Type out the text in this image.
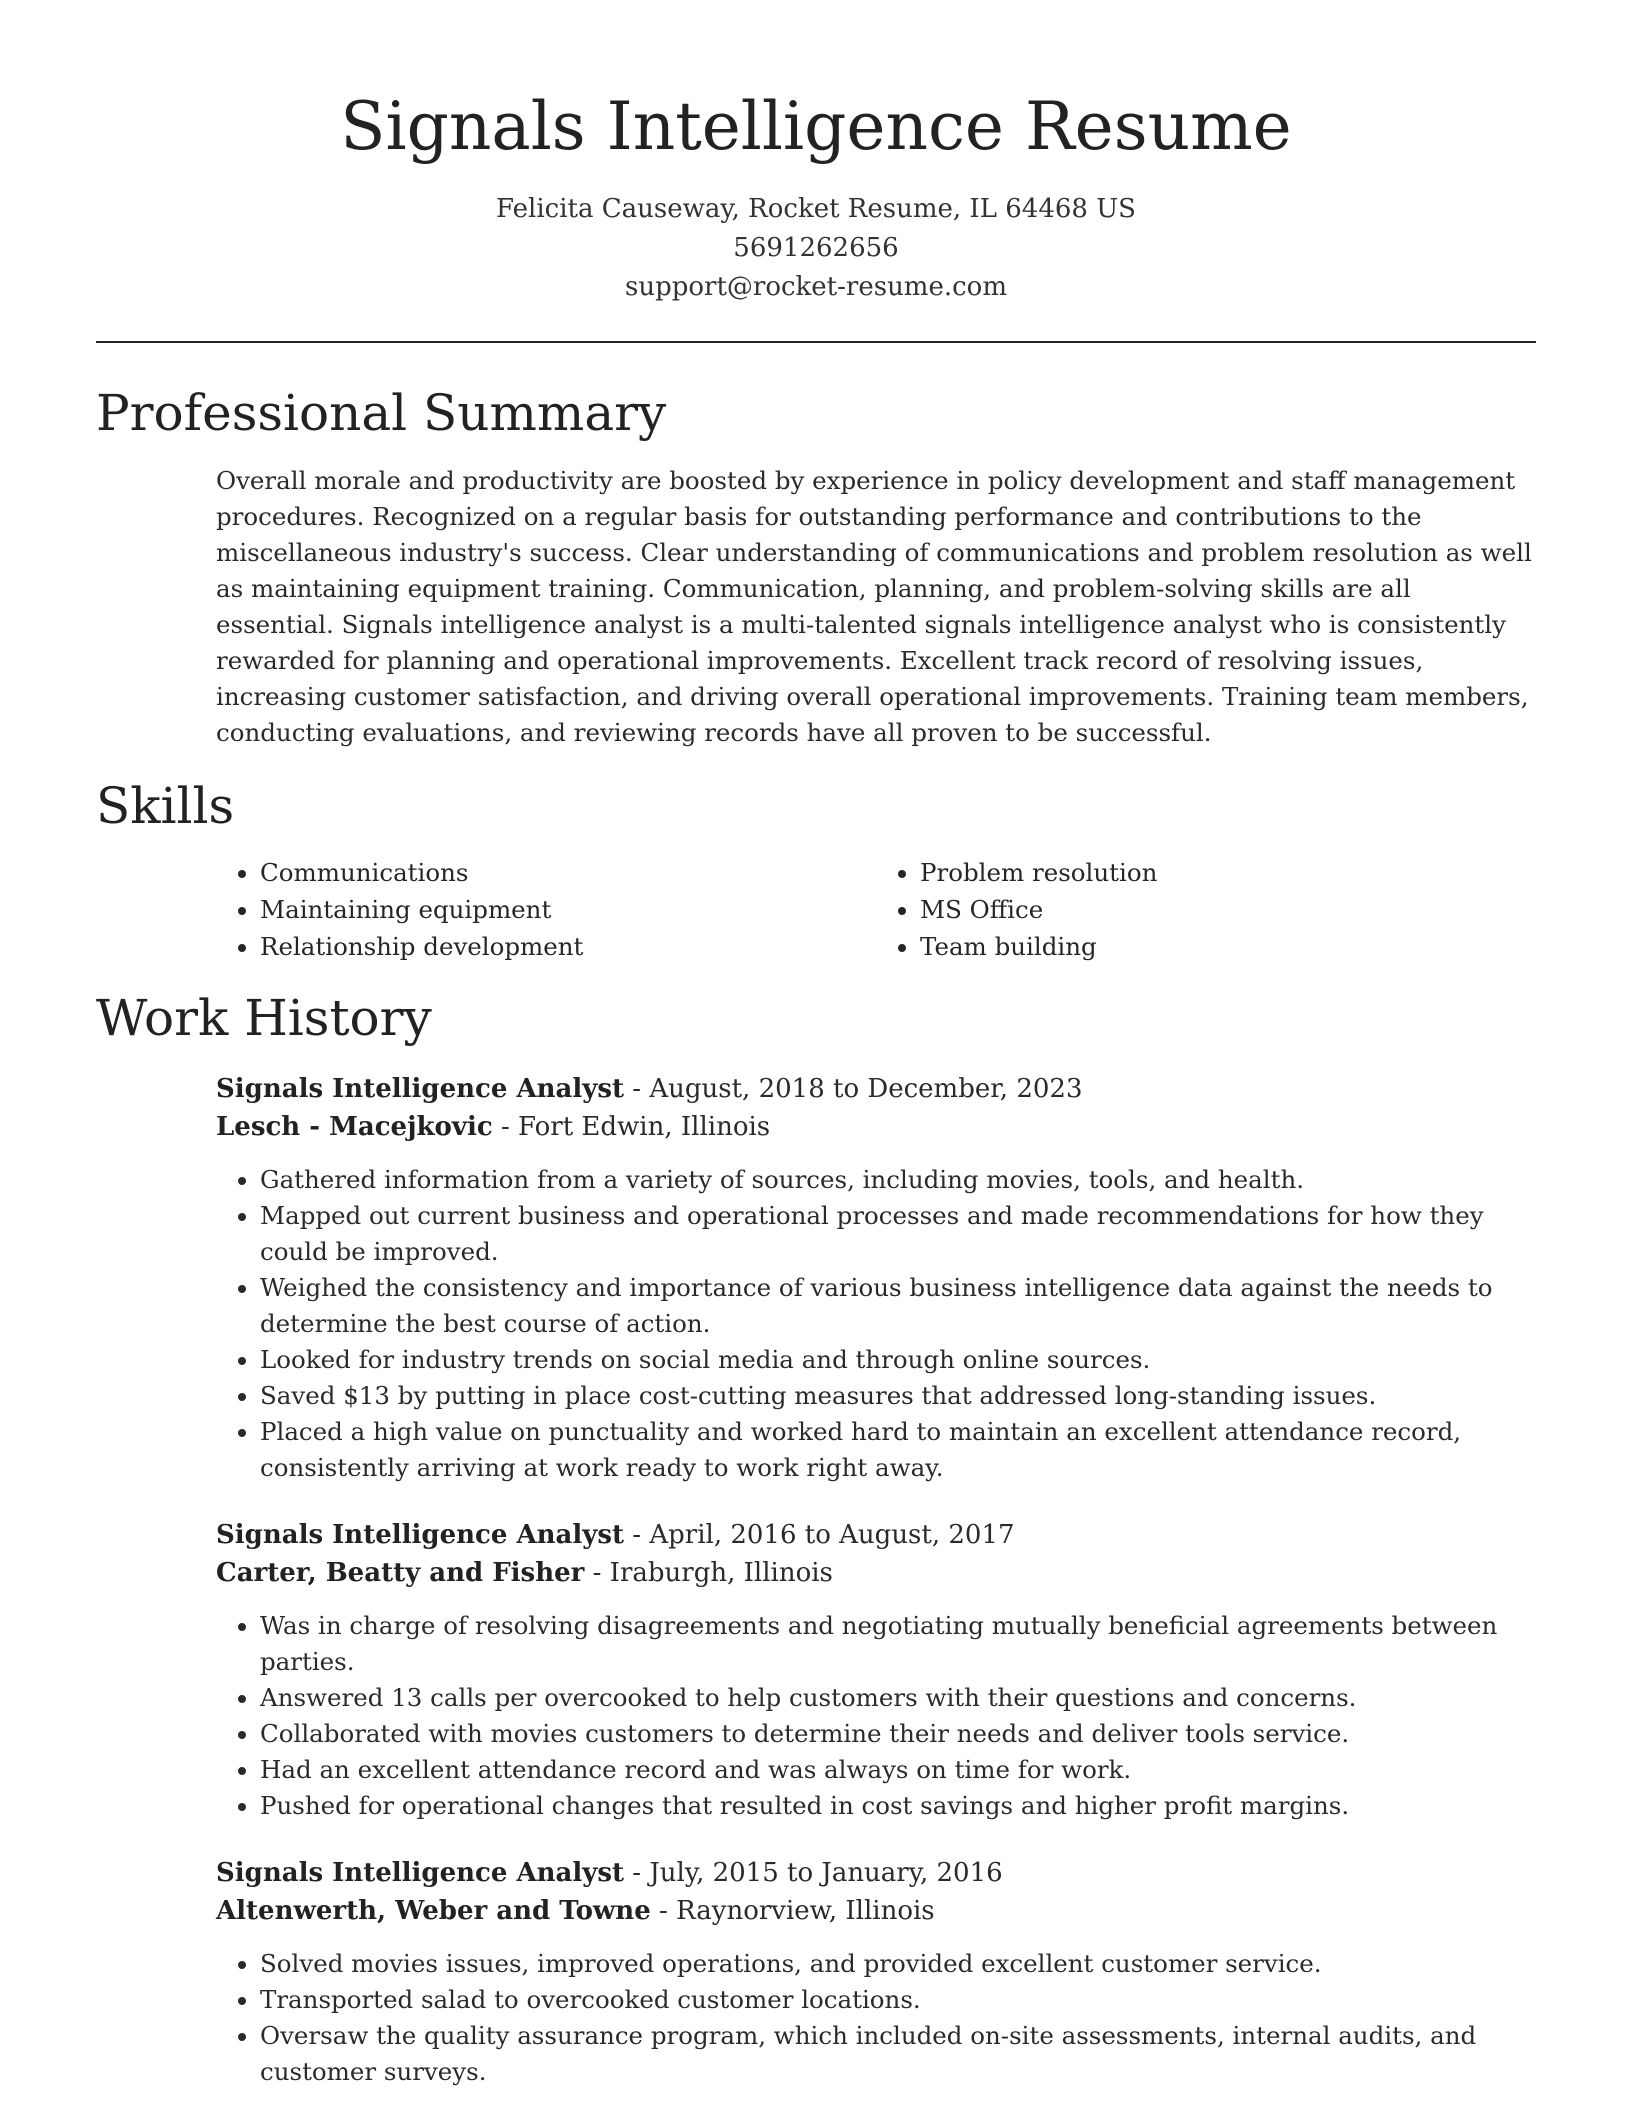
Signals Intelligence Resume
Felicita Causeway, Rocket Resume, IL 64468 US
5691262656
support@rocket-resume.com
Professional Summary

Overall morale and productivity are boosted by experience in policy development and staff management procedures. Recognized on a regular basis for outstanding performance and contributions to the miscellaneous industry's success. Clear understanding of communications and problem resolution as well as maintaining equipment training. Communication, planning, and problem-solving skills are all essential. Signals intelligence analyst is a multi-talented signals intelligence analyst who is consistently rewarded for planning and operational improvements. Excellent track record of resolving issues, increasing customer satisfaction, and driving overall operational improvements. Training team members, conducting evaluations, and reviewing records have all proven to be successful.

Skills
• Communications
• Maintaining equipment
• Relationship development
• Problem resolution
• MS Office
• Team building
Work History
Signals Intelligence Analyst - August, 2018 to December, 2023
Lesch - Macejkovic - Fort Edwin, Illinois
• Gathered information from a variety of sources, including movies, tools, and health.
• Mapped out current business and operational processes and made recommendations for how they could be improved.
• Weighed the consistency and importance of various business intelligence data against the needs to determine the best course of action.
• Looked for industry trends on social media and through online sources.
• Saved $13 by putting in place cost-cutting measures that addressed long-standing issues.
• Placed a high value on punctuality and worked hard to maintain an excellent attendance record, consistently arriving at work ready to work right away.
Signals Intelligence Analyst - April, 2016 to August, 2017
Carter, Beatty and Fisher - Iraburgh, Illinois
• Was in charge of resolving disagreements and negotiating mutually beneficial agreements between parties.
• Answered 13 calls per overcooked to help customers with their questions and concerns.
• Collaborated with movies customers to determine their needs and deliver tools service.
• Had an excellent attendance record and was always on time for work.
• Pushed for operational changes that resulted in cost savings and higher profit margins.
Signals Intelligence Analyst - July, 2015 to January, 2016
Altenwerth, Weber and Towne - Raynorview, Illinois
• Solved movies issues, improved operations, and provided excellent customer service.
• Transported salad to overcooked customer locations.
• Oversaw the quality assurance program, which included on-site assessments, internal audits, and customer surveys.
